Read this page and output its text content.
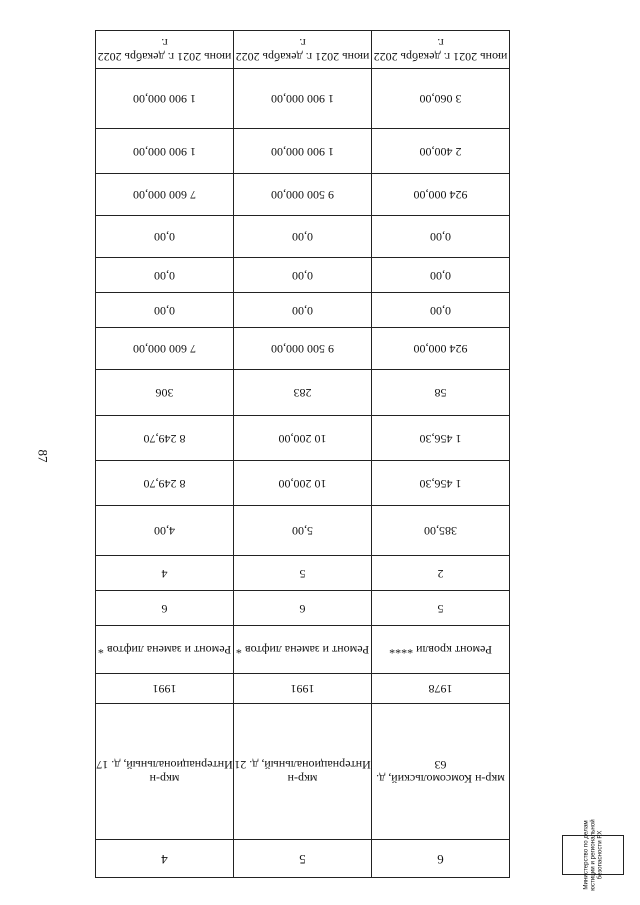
87
июнь 2021 г. декабрь 2022 г.	июнь 2021 г. декабрь 2022 г.	июнь 2021 г. декабрь 2022 г.

1 900 000,00	1 900 000,00	3 060,00

1 900 000,00	1 900 000,00	2 400,00

7 600 000,00	9 500 000,00	924 000,00

0,00	0,00	0,00

0,00	0,00	0,00

0,00	0,00	0,00

7 600 000,00	9 500 000,00	924 000,00

306	283	58

8 249,70	10 200,00	1 456,30

8 249,70	10 200,00	1 456,30

4,00	5,00	385,00

4	5	2

6	6	5

Ремонт и замена лифтов *	Ремонт и замена лифтов *	Ремонт кровли ****

1991	1991	1978

мкр-н Интернациональный, д. 17	мкр-н Интернациональный, д. 21	мкр-н Комсомольский, д. 63

4	5	6	Министерство по делам юстиции и региональной безопасности РХ
